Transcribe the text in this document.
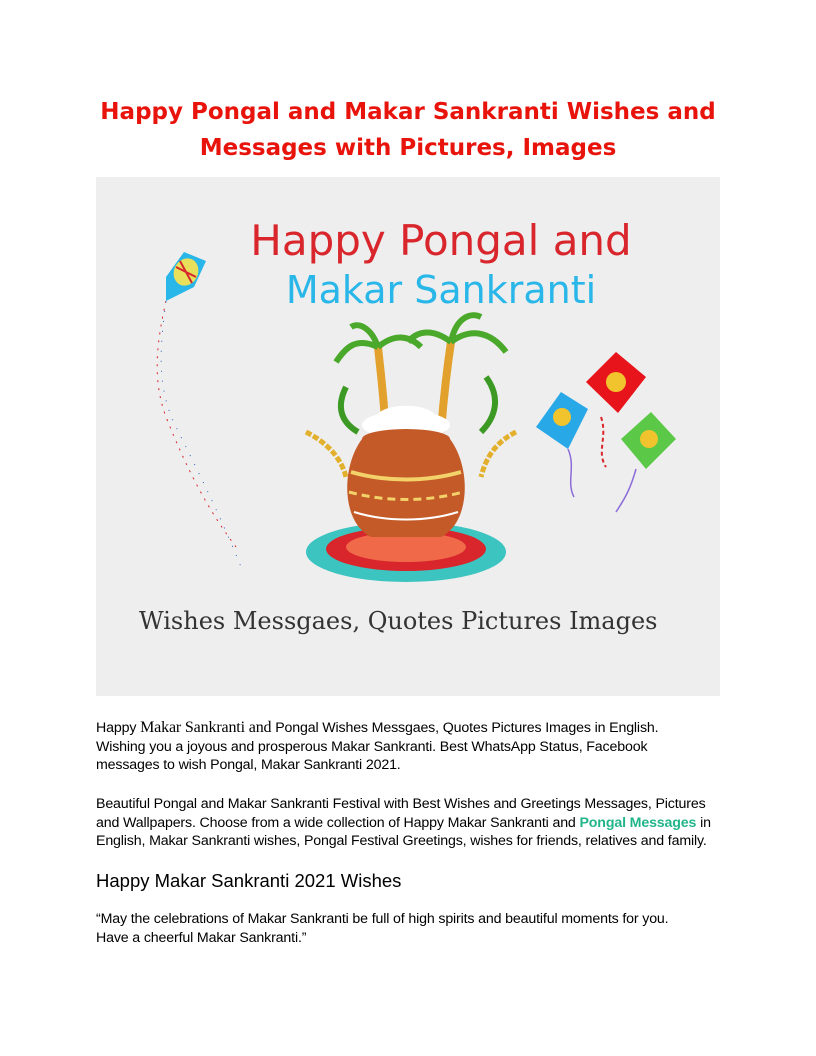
Happy Pongal and Makar Sankranti Wishes and
Messages with Pictures, Images
Happy Pongal and
Makar Sankranti
Wishes Messgaes, Quotes Pictures Images
Happy Makar Sankranti and Pongal Wishes Messgaes, Quotes Pictures Images in English.
Wishing you a joyous and prosperous Makar Sankranti. Best WhatsApp Status, Facebook
messages to wish Pongal, Makar Sankranti 2021.
Beautiful Pongal and Makar Sankranti Festival with Best Wishes and Greetings Messages, Pictures
and Wallpapers. Choose from a wide collection of Happy Makar Sankranti and Pongal Messages in
English, Makar Sankranti wishes, Pongal Festival Greetings, wishes for friends, relatives and family.
Happy Makar Sankranti 2021 Wishes
“May the celebrations of Makar Sankranti be full of high spirits and beautiful moments for you.
Have a cheerful Makar Sankranti.”
